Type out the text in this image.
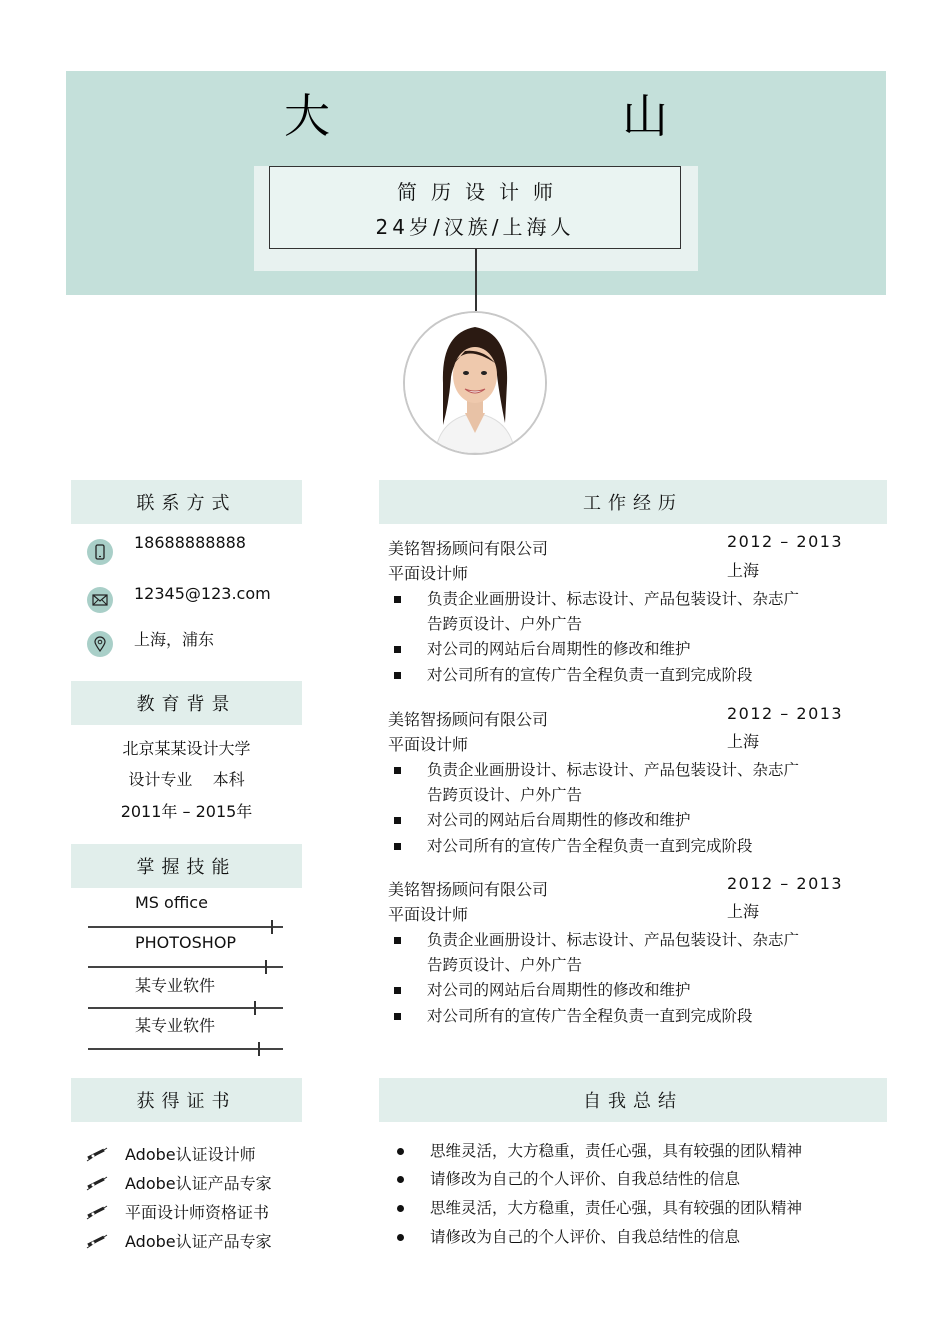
大	山
简历设计师
24岁/汉族/上海人
联系方式
18688888888
12345@123.com
上海，浦东
教育背景
北京某某设计大学
设计专业    本科
2011年 – 2015年
掌握技能
MS office
PHOTOSHOP
某专业软件
某专业软件
获得证书
Adobe认证设计师
Adobe认证产品专家
平面设计师资格证书
Adobe认证产品专家
工作经历
美铭智扬顾问有限公司	2012 – 2013
平面设计师	上海
负责企业画册设计、标志设计、产品包装设计、杂志广
告跨页设计、户外广告
对公司的网站后台周期性的修改和维护
对公司所有的宣传广告全程负责一直到完成阶段
美铭智扬顾问有限公司	2012 – 2013
平面设计师	上海
负责企业画册设计、标志设计、产品包装设计、杂志广
告跨页设计、户外广告
对公司的网站后台周期性的修改和维护
对公司所有的宣传广告全程负责一直到完成阶段
美铭智扬顾问有限公司	2012 – 2013
平面设计师	上海
负责企业画册设计、标志设计、产品包装设计、杂志广
告跨页设计、户外广告
对公司的网站后台周期性的修改和维护
对公司所有的宣传广告全程负责一直到完成阶段
自我总结
思维灵活，大方稳重，责任心强，具有较强的团队精神
请修改为自己的个人评价、自我总结性的信息
思维灵活，大方稳重，责任心强，具有较强的团队精神
请修改为自己的个人评价、自我总结性的信息
